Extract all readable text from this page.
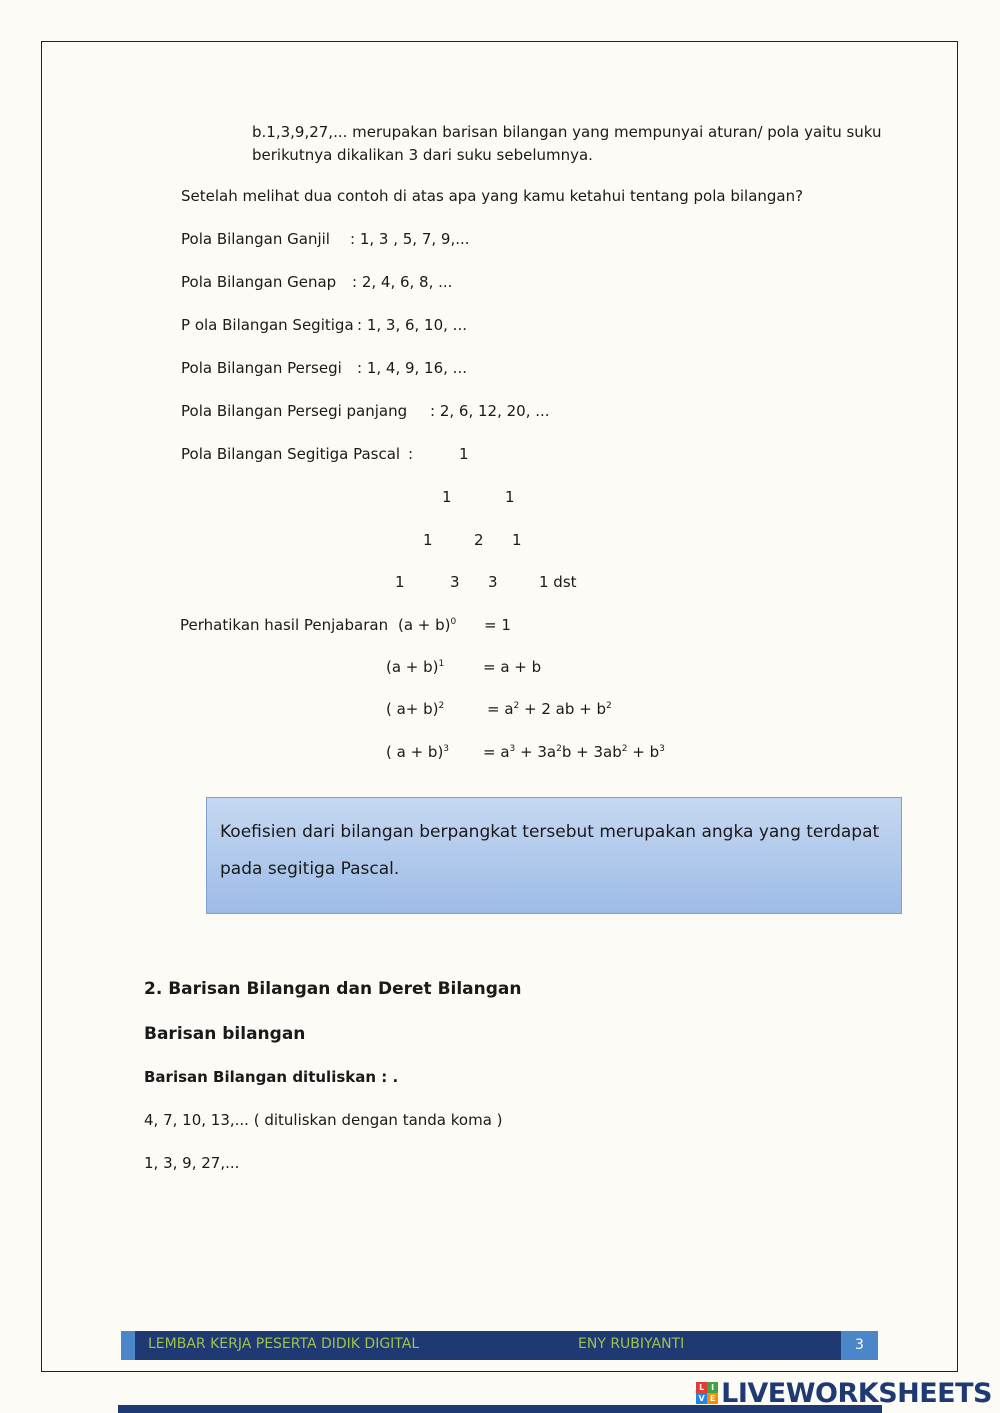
b.1,3,9,27,... merupakan barisan bilangan yang mempunyai aturan/ pola yaitu suku
berikutnya dikalikan 3 dari suku sebelumnya.
Setelah melihat dua contoh di atas apa yang kamu ketahui tentang pola bilangan?
Pola Bilangan Ganjil : 1, 3 , 5, 7, 9,...
Pola Bilangan Genap : 2, 4, 6, 8, ...
P ola Bilangan Segitiga : 1, 3, 6, 10, ...
Pola Bilangan Persegi : 1, 4, 9, 16, ...
Pola Bilangan Persegi panjang : 2, 6, 12, 20, ...
Pola Bilangan Segitiga Pascal :	1
1	1
1	2 1
1	3 3	1 dst
Perhatikan hasil Penjabaran $(a + b)^0 = 1$
$(a + b)^1$	= a + b
( a+ b)$^2$	= $a^2 + 2$ ab + $b^2$
( $a + b)^3 = a^3 + 3a^2b + 3ab^2 + b^3$
Koefisien dari bilangan berpangkat tersebut merupakan angka yang terdapat pada segitiga Pascal.
2. Barisan Bilangan dan Deret Bilangan
Barisan bilangan
Barisan Bilangan dituliskan : .
4, 7, 10, 13,... ( dituliskan dengan tanda koma )
1, 3, 9, 27,...
LEMBAR KERJA PESERTA DIDIK DIGITAL	ENY RUBIYANTI	3
L I
V E LIVEWORKSHEETS
